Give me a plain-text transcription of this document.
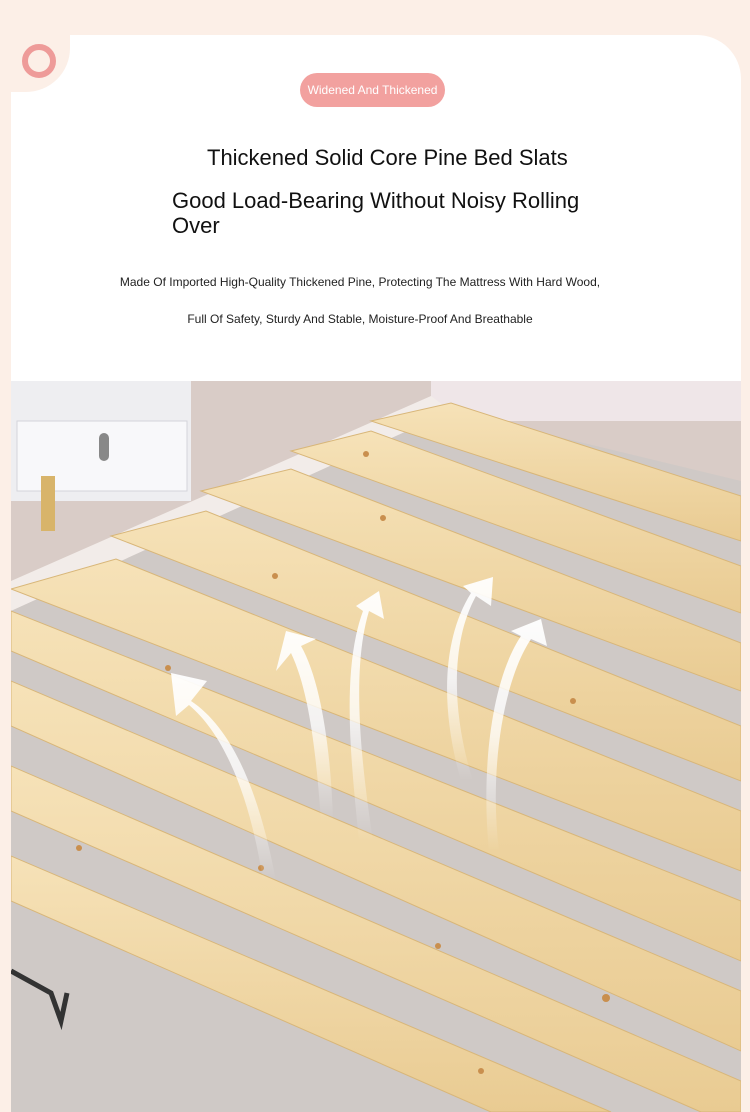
Widened And Thickened
Thickened Solid Core Pine Bed Slats
Good Load-Bearing Without Noisy Rolling Over
Made Of Imported High-Quality Thickened Pine, Protecting The Mattress With Hard Wood,
Full Of Safety, Sturdy And Stable, Moisture-Proof And Breathable
